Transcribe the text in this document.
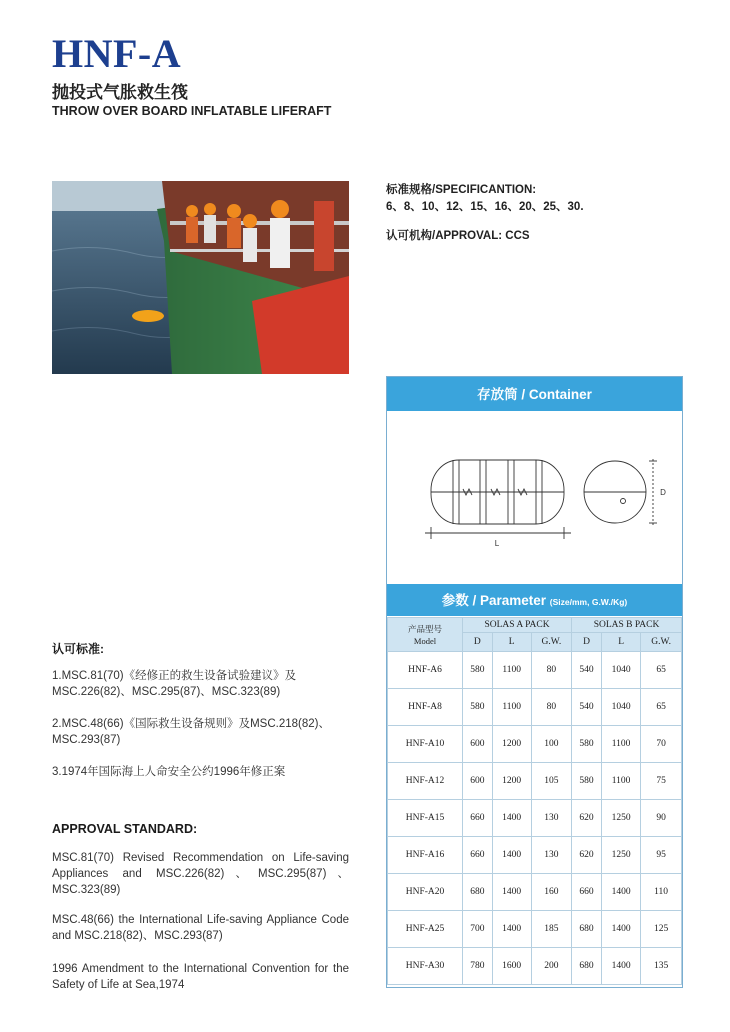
HNF-A
抛投式气胀救生筏
THROW OVER BOARD INFLATABLE LIFERAFT
标准规格/SPECIFICANTION:
6、8、10、12、15、16、20、25、30.
认可机构/APPROVAL: CCS
存放筒 / Container
L
D
参数 / Parameter (Size/mm, G.W./Kg)
产品型号
Model	SOLAS A PACK			SOLAS B PACK		
	D	L	G.W.	D	L	G.W.
HNF-A6	580	1100	80	540	1040	65
HNF-A8	580	1100	80	540	1040	65
HNF-A10	600	1200	100	580	1100	70
HNF-A12	600	1200	105	580	1100	75
HNF-A15	660	1400	130	620	1250	90
HNF-A16	660	1400	130	620	1250	95
HNF-A20	680	1400	160	660	1400	110
HNF-A25	700	1400	185	680	1400	125
HNF-A30	780	1600	200	680	1400	135
认可标准:
1.MSC.81(70)《经修正的救生设备试验建议》及MSC.226(82)、MSC.295(87)、MSC.323(89)
2.MSC.48(66)《国际救生设备规则》及MSC.218(82)、MSC.293(87)
3.1974年国际海上人命安全公约1996年修正案
APPROVAL STANDARD:
MSC.81(70) Revised Recommendation on Life-saving Appliances and MSC.226(82)、MSC.295(87)、MSC.323(89)
MSC.48(66) the International Life-saving Appliance Code and MSC.218(82)、MSC.293(87)
1996 Amendment to the International Convention for the Safety of Life at Sea,1974
